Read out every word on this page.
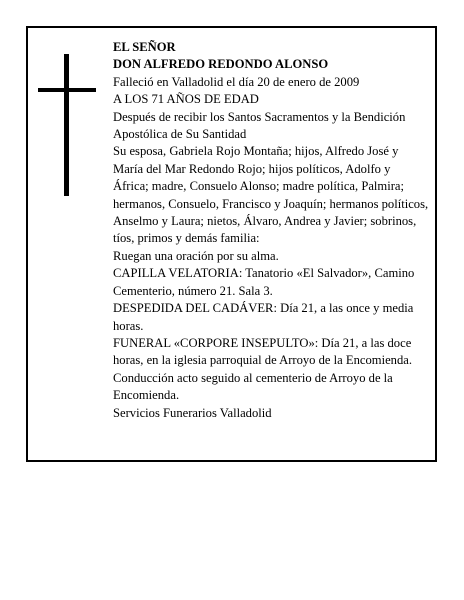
EL SEÑOR

DON ALFREDO REDONDO ALONSO

Falleció en Valladolid el día 20 de enero de 2009

A LOS 71 AÑOS DE EDAD

Después de recibir los Santos Sacramentos y la Bendición Apostólica de Su Santidad

Su esposa, Gabriela Rojo Montaña; hijos, Alfredo José y María del Mar Redondo Rojo; hijos políticos, Adolfo y África; madre, Consuelo Alonso; madre política, Palmira; hermanos, Consuelo, Francisco y Joaquín; hermanos políticos, Anselmo y Laura; nietos, Álvaro, Andrea y Javier; sobrinos, tíos, primos y demás familia:

Ruegan una oración por su alma.

CAPILLA VELATORIA: Tanatorio «El Salvador», Camino Cementerio, número 21. Sala 3.

DESPEDIDA DEL CADÁVER: Día 21, a las once y media horas.

FUNERAL «CORPORE INSEPULTO»: Día 21, a las doce horas, en la iglesia parroquial de Arroyo de la Encomienda. Conducción acto seguido al cementerio de Arroyo de la Encomienda.

Servicios Funerarios Valladolid
